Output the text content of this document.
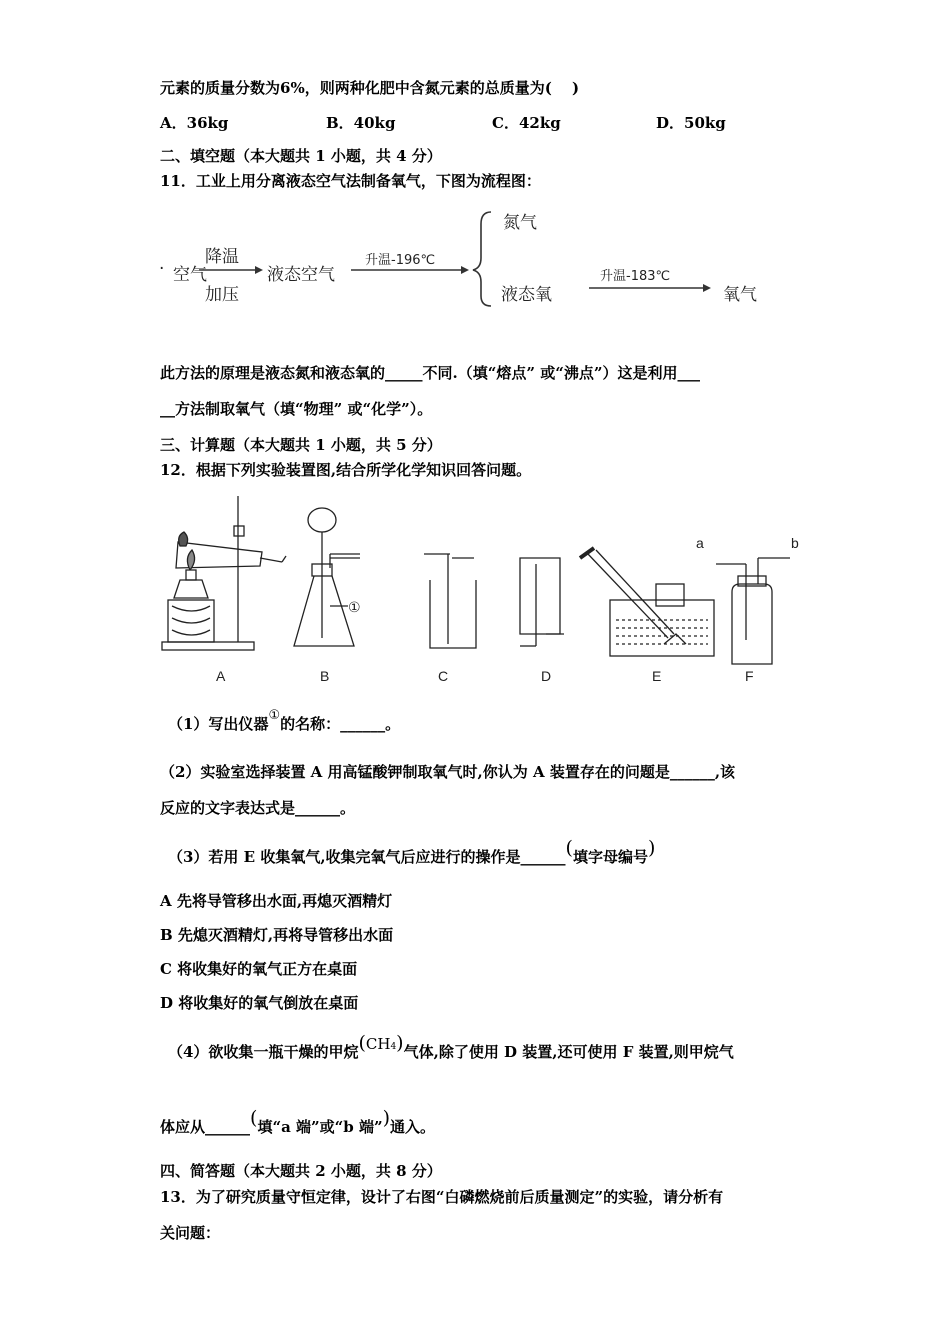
元素的质量分数为6%，则两种化肥中含氮元素的总质量为(　 )
A．36kg	B．40kg	C．42kg	D．50kg
二、填空题（本大题共 1 小题，共 4 分）
11．工业上用分离液态空气法制备氧气，下图为流程图：
· 空气
降温
加压
液态空气
升温-196℃
氮气
液态氧
升温-183℃
氧气
此方法的原理是液态氮和液态氧的_____不同.（填“熔点” 或“沸点”）这是利用___
__方法制取氧气（填“物理” 或“化学”）。
三、计算题（本大题共 1 小题，共 5 分）
12．根据下列实验装置图,结合所学化学知识回答问题。
①
a	b
A	B	C	D	E	F
（1）写出仪器①的名称：______。
（2）实验室选择装置 A 用高锰酸钾制取氧气时,你认为 A 装置存在的问题是______,该
反应的文字表达式是______。
（3）若用 E 收集氧气,收集完氧气后应进行的操作是______(填字母编号)
A 先将导管移出水面,再熄灭酒精灯
B 先熄灭酒精灯,再将导管移出水面
C 将收集好的氧气正方在桌面
D 将收集好的氧气倒放在桌面
（4）欲收集一瓶干燥的甲烷(CH4)气体,除了使用 D 装置,还可使用 F 装置,则甲烷气
体应从______(填“a 端”或“b 端”)通入。
四、简答题（本大题共 2 小题，共 8 分）
13．为了研究质量守恒定律，设计了右图“白磷燃烧前后质量测定”的实验，请分析有
关问题：
